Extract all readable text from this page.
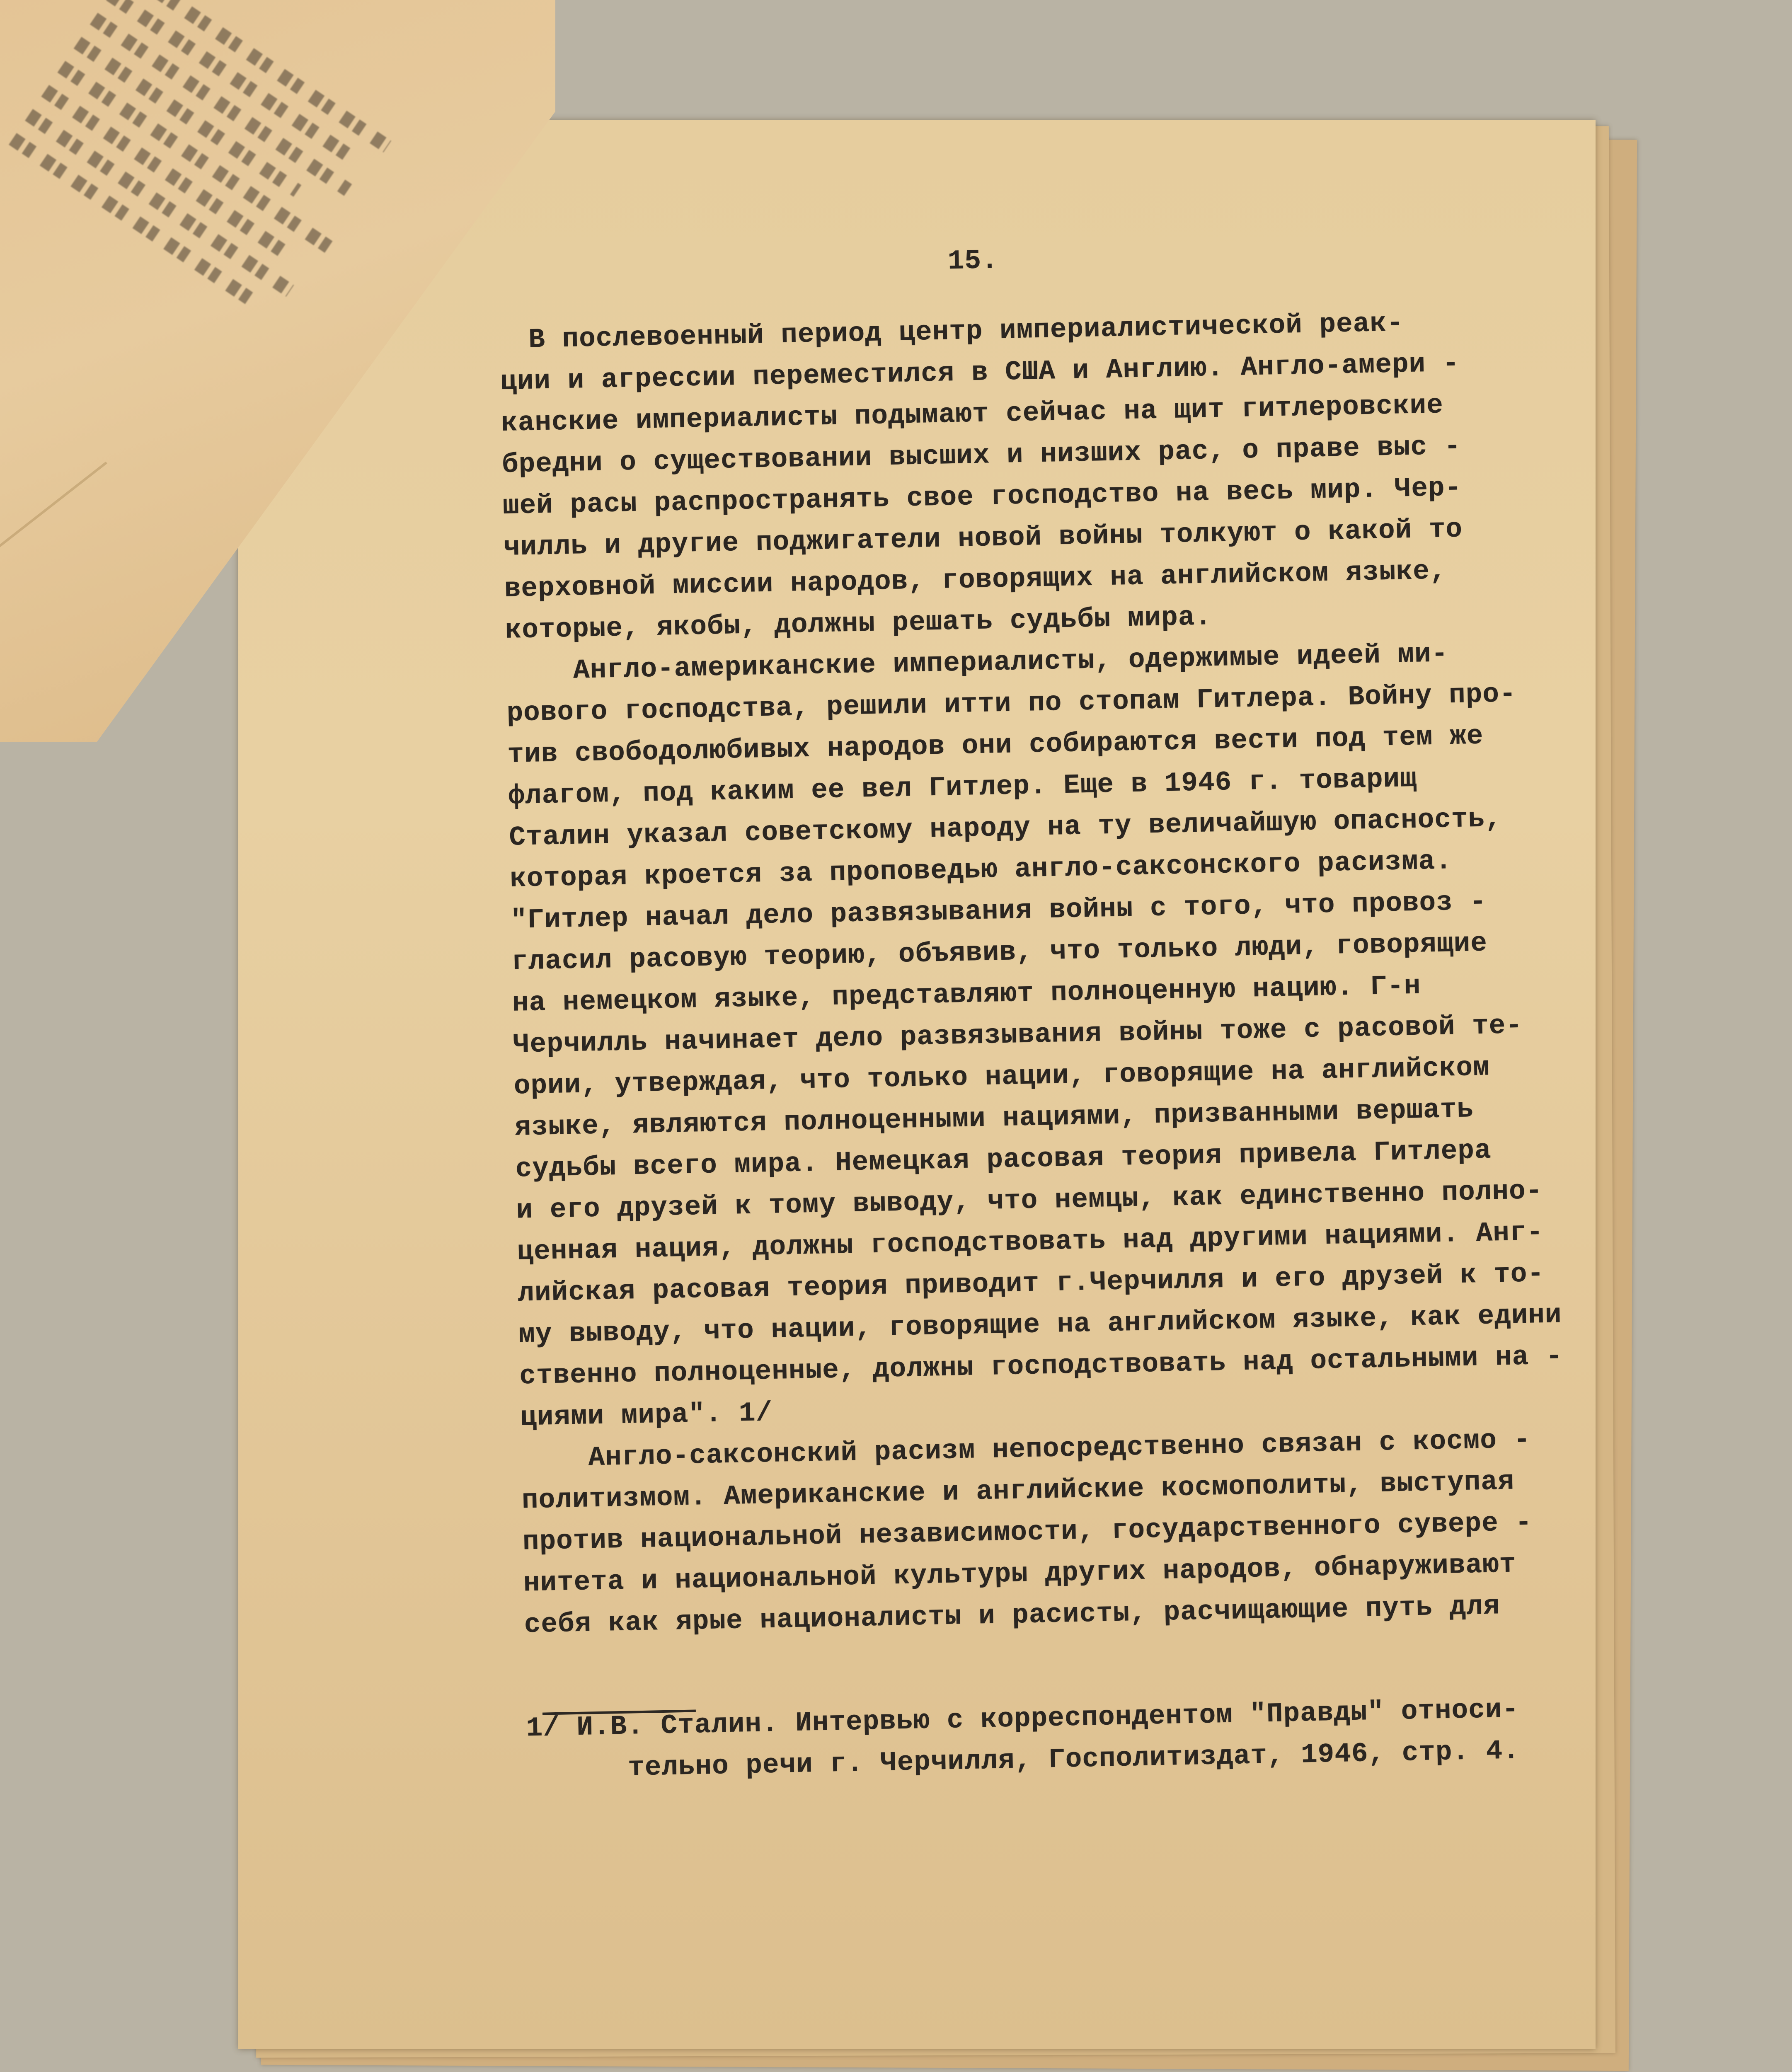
15.
В послевоенный период центр империалистической реак-
ции и агрессии переместился в США и Англию. Англо-амери -
канские империалисты подымают сейчас на щит гитлеровские
бредни о существовании высших и низших рас, о праве выс -
шей расы распространять свое господство на весь мир. Чер-
чилль и другие поджигатели новой войны толкуют о какой то
верховной миссии народов, говорящих на английском языке,
которые, якобы, должны решать судьбы мира.
Англо-американские империалисты, одержимые идеей ми-
рового господства, решили итти по стопам Гитлера. Войну про-
тив свободолюбивых народов они собираются вести под тем же
флагом, под каким ее вел Гитлер. Еще в 1946 г. товарищ
Сталин указал советскому народу на ту величайшую опасность,
которая кроется за проповедью англо-саксонского расизма.
"Гитлер начал дело развязывания войны с того, что провоз -
гласил расовую теорию, объявив, что только люди, говорящие
на немецком языке, представляют полноценную нацию. Г-н
Черчилль начинает дело развязывания войны тоже с расовой те-
ории, утверждая, что только нации, говорящие на английском
языке, являются полноценными нациями, призванными вершать
судьбы всего мира. Немецкая расовая теория привела Гитлера
и его друзей к тому выводу, что немцы, как единственно полно-
ценная нация, должны господствовать над другими нациями. Анг-
лийская расовая теория приводит г.Черчилля и его друзей к то-
му выводу, что нации, говорящие на английском языке, как едини
ственно полноценные, должны господствовать над остальными на -
циями мира". 1/
Англо-саксонский расизм непосредственно связан с космо -
политизмом. Американские и английские космополиты, выступая
против национальной независимости, государственного сувере -
нитета и национальной культуры других народов, обнаруживают
себя как ярые националисты и расисты, расчищающие путь для
1/ И.В. Сталин. Интервью с корреспондентом "Правды" относи-
тельно речи г. Черчилля, Госполитиздат, 1946, стр. 4.
